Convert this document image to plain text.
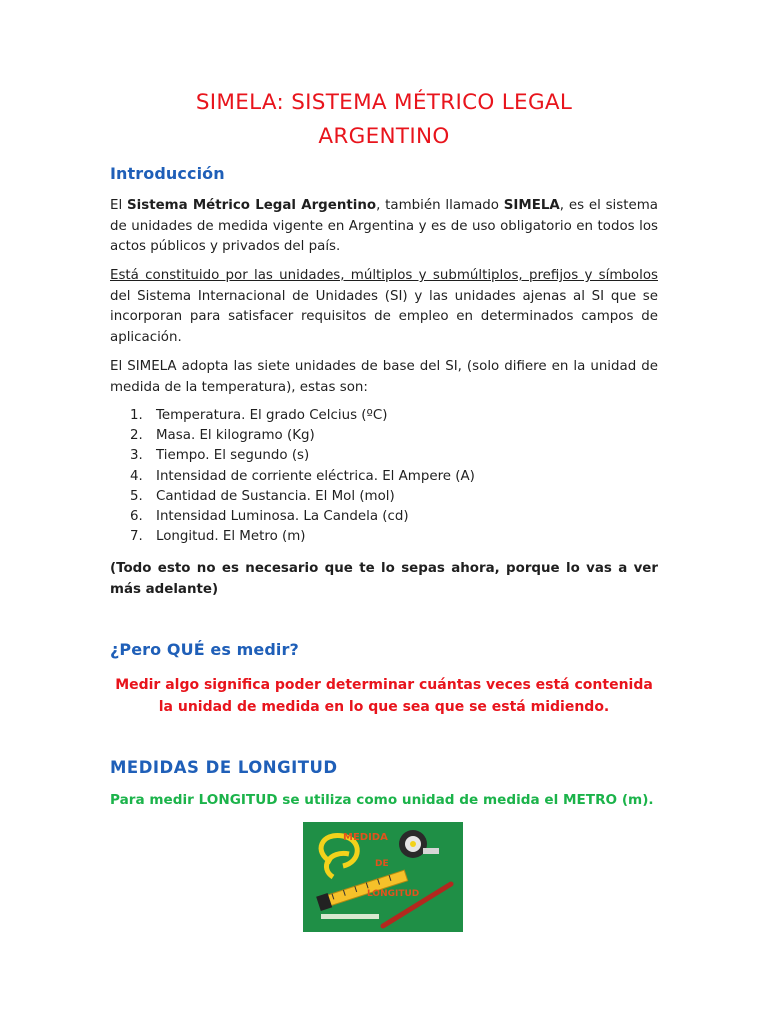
SIMELA: SISTEMA MÉTRICO LEGAL
ARGENTINO
Introducción
El Sistema Métrico Legal Argentino, también llamado SIMELA, es el sistema de unidades de medida vigente en Argentina y es de uso obligatorio en todos los actos públicos y privados del país.
Está constituido por las unidades, múltiplos y submúltiplos, prefijos y símbolos del Sistema Internacional de Unidades (SI) y las unidades ajenas al SI que se incorporan para satisfacer requisitos de empleo en determinados campos de aplicación.
El SIMELA adopta las siete unidades de base del SI, (solo difiere en la unidad de medida de la temperatura), estas son:
1. Temperatura. El grado Celcius (ºC)
2. Masa. El kilogramo (Kg)
3. Tiempo. El segundo (s)
4. Intensidad de corriente eléctrica. El Ampere (A)
5. Cantidad de Sustancia. El Mol (mol)
6. Intensidad Luminosa. La Candela (cd)
7. Longitud. El Metro (m)
(Todo esto no es necesario que te lo sepas ahora, porque lo vas a ver más adelante)
¿Pero QUÉ es medir?
Medir algo significa poder determinar cuántas veces está contenida la unidad de medida en lo que sea que se está midiendo.
MEDIDAS DE LONGITUD
Para medir LONGITUD se utiliza como unidad de medida el METRO (m).
MEDIDA
DE
LONGITUD
